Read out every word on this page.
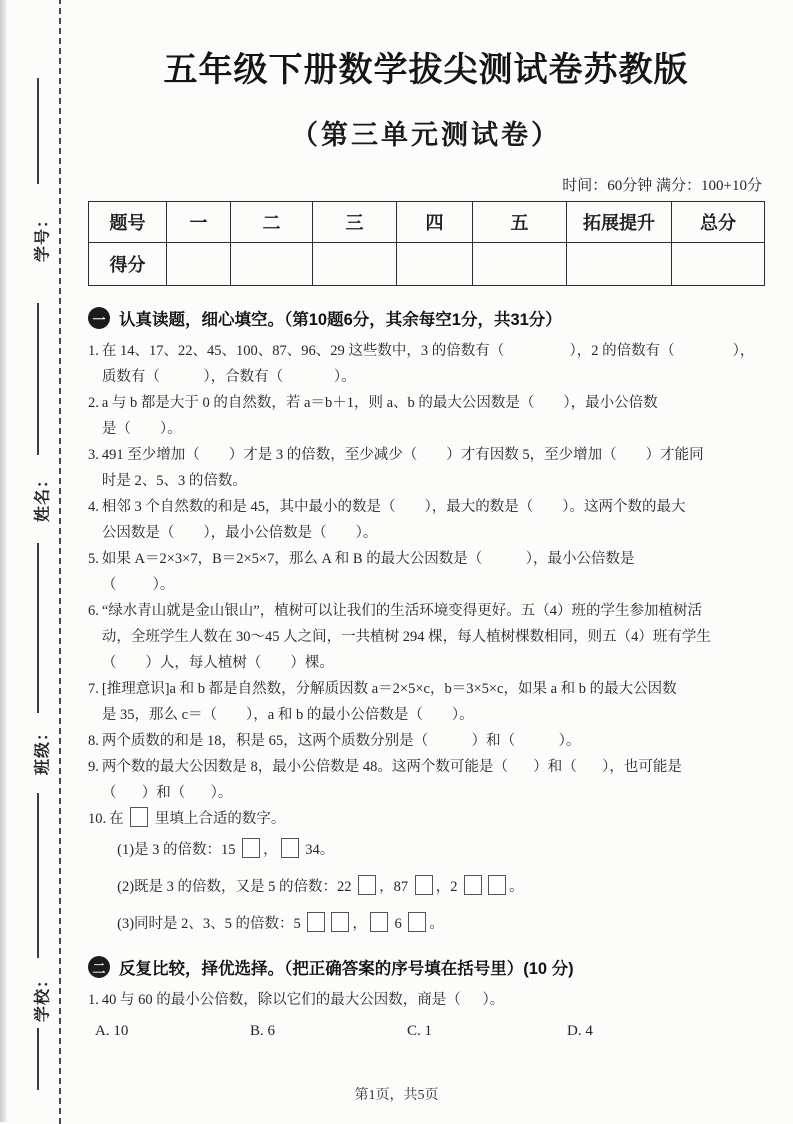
学号：
姓名：
班级：
学校：
五年级下册数学拔尖测试卷苏教版
（第三单元测试卷）
时间：60分钟 满分：100+10分
题号	一	二	三	四	五	拓展提升	总分
得分							
一 认真读题，细心填空。（第10题6分，其余每空1分，共31分）
1. 在 14、17、22、45、100、87、96、29 这些数中，3 的倍数有（                  ），2 的倍数有（                ），
质数有（            ），合数有（              ）。
2. a 与 b 都是大于 0 的自然数，若 a＝b＋1，则 a、b 的最大公因数是（        ），最小公倍数
是（        ）。
3. 491 至少增加（        ）才是 3 的倍数，至少减少（        ）才有因数 5，至少增加（        ）才能同
时是 2、5、3 的倍数。
4. 相邻 3 个自然数的和是 45，其中最小的数是（        ），最大的数是（        ）。这两个数的最大
公因数是（        ），最小公倍数是（        ）。
5. 如果 A＝2×3×7，B＝2×5×7，那么 A 和 B 的最大公因数是（            ），最小公倍数是
（          ）。
6. “绿水青山就是金山银山”，植树可以让我们的生活环境变得更好。五（4）班的学生参加植树活
动，全班学生人数在 30～45 人之间，一共植树 294 棵，每人植树棵数相同，则五（4）班有学生
（        ）人，每人植树（        ）棵。
7. [推理意识]a 和 b 都是自然数，分解质因数 a＝2×5×c，b＝3×5×c，如果 a 和 b 的最大公因数
是 35，那么 c＝（        ），a 和 b 的最小公倍数是（        ）。
8. 两个质数的和是 18，积是 65，这两个质数分别是（            ）和（            ）。
9. 两个数的最大公因数是 8，最小公倍数是 48。这两个数可能是（       ）和（       ），也可能是
（       ）和（       ）。
10. 在  里填上合适的数字。
(1)是 3 的倍数：15 ， 34。
(2)既是 3 的倍数，又是 5 的倍数：22 ，87 ，2	。
(3)同时是 2、3、5 的倍数：5	， 6 。
二 反复比较，择优选择。（把正确答案的序号填在括号里）(10 分)
1. 40 与 60 的最小公倍数，除以它们的最大公因数，商是（      ）。
A. 10	B. 6	C. 1	D. 4
第1页，共5页
